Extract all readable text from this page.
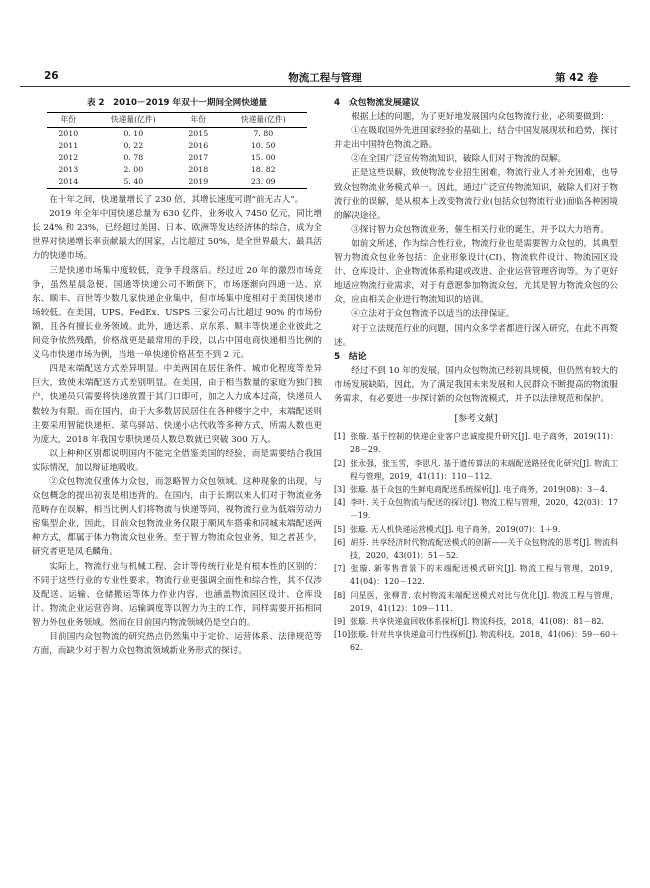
26	物流工程与管理	第 42 卷
表 2　2010－2019 年双十一期间全网快递量
年份	快递量(亿件)	年份	快递量(亿件)
2010	0. 10	2015	7. 80
2011	0. 22	2016	10. 50
2012	0. 78	2017	15. 00
2013	2. 00	2018	18. 82
2014	5. 40	2019	23. 09

在十年之间，快递量增长了 230 倍，其增长速度可谓“前无古人”。

2019 年全年中国快递总量为 630 亿件，业务收入 7450 亿元，同比增长 24% 和 23%，已经超过美国、日本、欧洲等发达经济体的综合，成为全世界对快递增长率贡献最大的国家，占比超过 50%，是全世界最大、最具活力的快递市场。

三是快递市场集中度较低，竞争手段落后。经过近 20 年的激烈市场竞争，虽然星晨急便、国通等快递公司不断倒下，市场逐渐向四通一达、京东、顺丰、百世等少数几家快递企业集中，但市场集中度相对于美国快递市场较低。在美国，UPS、FedEx、USPS 三家公司占比超过 90% 的市场份额，且各有擅长业务领域。此外，通达系、京东系、顺丰等快递企业彼此之间竞争依然残酷，价格战更是最常用的手段，以占中国电商快递相当比例的义乌市快递市场为例，当地一单快递价格甚至不到 2 元。

四是末端配送方式差异明显。中美两国在居住条件、城市化程度等差异巨大，致使末端配送方式差别明显。在美国，由于相当数量的家庭为独门独户，快递员只需要将快递放置于其门口即可，加之人力成本过高，快递员人数较为有限。而在国内，由于大多数居民居住在各种楼宇之中，末端配送则主要采用智能快递柜、菜鸟驿站、快递小店代收等多种方式，所需人数也更为庞大，2018 年我国专职快递员人数总数就已突破 300 万人。

以上种种区别都说明国内不能完全借鉴美国的经验，而是需要结合我国实际情况，加以辩证地吸收。

②众包物流仅重体力众包，而忽略智力众包领域。这种现象的出现，与众包概念的提出初衷是相违背的。在国内，由于长期以来人们对于物流业务范畴存在误解，相当比例人们将物流与快递等同，视物流行业为低端劳动力密集型企业，因此，目前众包物流业务仅限于顺风车搭乘和同城末端配送两种方式，都属于体力物流众包业务。至于智力物流众包业务，知之者甚少，研究者更是凤毛麟角。

实际上，物流行业与机械工程、会计等传统行业是有根本性的区别的：不同于这些行业的专业性要求，物流行业更强调全面性和综合性，其不仅涉及配送、运输、仓储搬运等体力作业内容，也涵盖物流园区设计、仓库设计、物流企业运营咨询、运输调度等以智力为主的工作，同样需要开拓相同智力外包业务领域。然而在目前国内物流领域仍是空白的。

目前国内众包物流的研究热点仍然集中于定价、运营体系、法律规范等方面，而缺少对于智力众包物流领域新业务形式的探讨。

4　众包物流发展建议

根据上述的问题，为了更好地发展国内众包物流行业，必须要做到：

①在吸取国外先进国家经验的基础上，结合中国发展现状和趋势，探讨并走出中国特色物流之路。

②在全国广泛宣传物流知识，破除人们对于物流的误解。

正是这些误解，致使物流专业招生困难，物流行业人才补充困难，也导致众包物流业务模式单一。因此，通过广泛宣传物流知识，破除人们对于物流行业的误解，是从根本上改变物流行业(包括众包物流行业)面临各种困境的解决途径。

③探讨智力众包物流业务，催生相关行业的诞生，并予以大力培育。

如前文所述，作为综合性行业，物流行业也是需要智力众包的，其典型智力物流众包业务包括：企业形象设计(CI)、物流软件设计、物流园区设计、仓库设计、企业物流体系构建或改进、企业运营管理咨询等。为了更好地适应物流行业需求，对于有意愿参加物流众包，尤其是智力物流众包的公众，应由相关企业进行物流知识的培训。

④立法对于众包物流予以适当的法律保证。

对于立法规范行业的问题，国内众多学者都进行深入研究，在此不再赘述。

5　结论

经过不到 10 年的发展，国内众包物流已经初具规模，但仍然有较大的市场发展缺陷，因此，为了满足我国未来发展和人民群众不断提高的物流服务需求，有必要进一步探讨新的众包物流模式，并予以法律规范和保护。

[参考文献]
[1] 张璇. 基于控制的快递企业客户忠诚度提升研究[J]. 电子商务，2019(11)：28－29.
[2] 张永强，张玉雪，李思凡. 基于遗传算法的末端配送路径优化研究[J]. 物流工程与管理，2019，41(11)：110－112.
[3] 张璇. 基于众包的生鲜电商配送系统探析[J]. 电子商务，2019(08)：3－4.
[4] 李叶. 关于众包物流与配送的探讨[J]. 物流工程与管理，2020，42(03)：17－19.
[5] 张璇. 无人机快递运营模式[J]. 电子商务，2019(07)：1＋9.
[6] 胡芬. 共享经济时代物流配送模式的创新——关于众包物流的思考[J]. 物流科技，2020，43(01)：51－52.
[7] 张璇. 新零售背景下的末端配送模式研究[J]. 物流工程与管理，2019，41(04)：120－122.
[8] 闫星医，张柳青. 农村物流末端配送模式对比与优化[J]. 物流工程与管理，2019，41(12)：109－111.
[9] 张璇. 共享快递盒回收体系探析[J]. 物流科技，2018，41(08)：81－82.
[10]张璇. 针对共享快递盒可行性探析[J]. 物流科技，2018，41(06)：59－60＋62.
